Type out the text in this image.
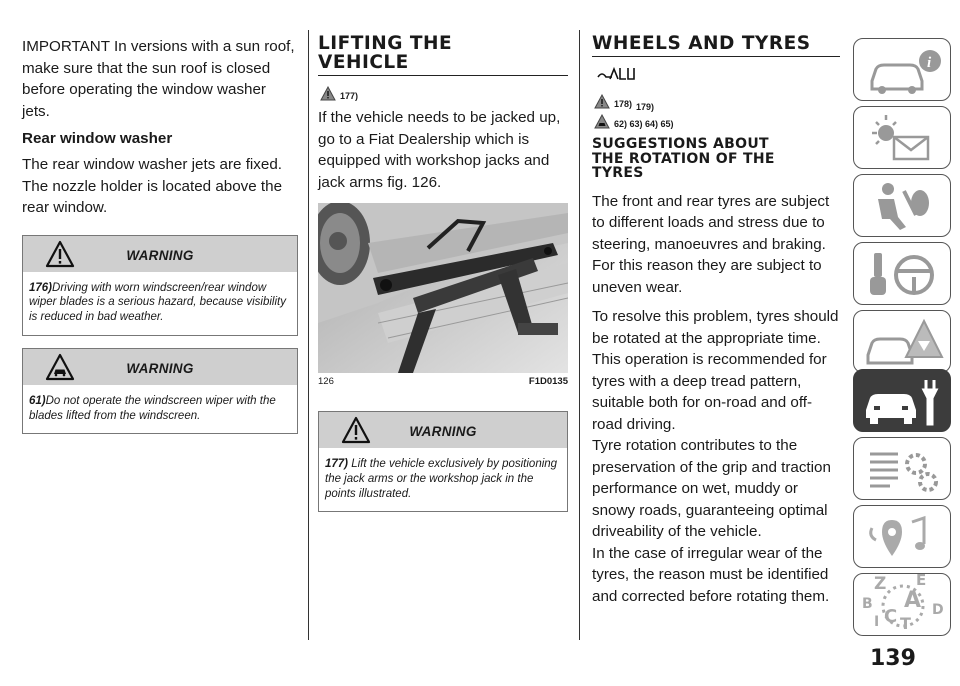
IMPORTANT In versions with a sun roof, make sure that the sun roof is closed before operating the window washer jets.

Rear window washer

The rear window washer jets are fixed. The nozzle holder is located above the rear window.

WARNING
176)Driving with worn windscreen/rear window wiper blades is a serious hazard, because visibility is reduced in bad weather.
WARNING
61)Do not operate the windscreen wiper with the blades lifted from the windscreen.
LIFTING THE
VEHICLE
177)

If the vehicle needs to be jacked up, go to a Fiat Dealership which is equipped with workshop jacks and jack arms fig. 126.

126	F1D0135
WARNING
177) Lift the vehicle exclusively by positioning the jack arms or the workshop jack in the points illustrated.
WHEELS AND TYRES
178) 179)
62) 63) 64) 65)
SUGGESTIONS ABOUT
THE ROTATION OF THE
TYRES

The front and rear tyres are subject to different loads and stress due to steering, manoeuvres and braking. For this reason they are subject to uneven wear.

To resolve this problem, tyres should be rotated at the appropriate time. This operation is recommended for tyres with a deep tread pattern, suitable both for on-road and off-road driving.

Tyre rotation contributes to the preservation of the grip and traction performance on wet, muddy or snowy roads, guaranteeing optimal driveability of the vehicle.

In the case of irregular wear of the tyres, the reason must be identified and corrected before rotating them.

i
Z E
B A
C D
T
I
139
